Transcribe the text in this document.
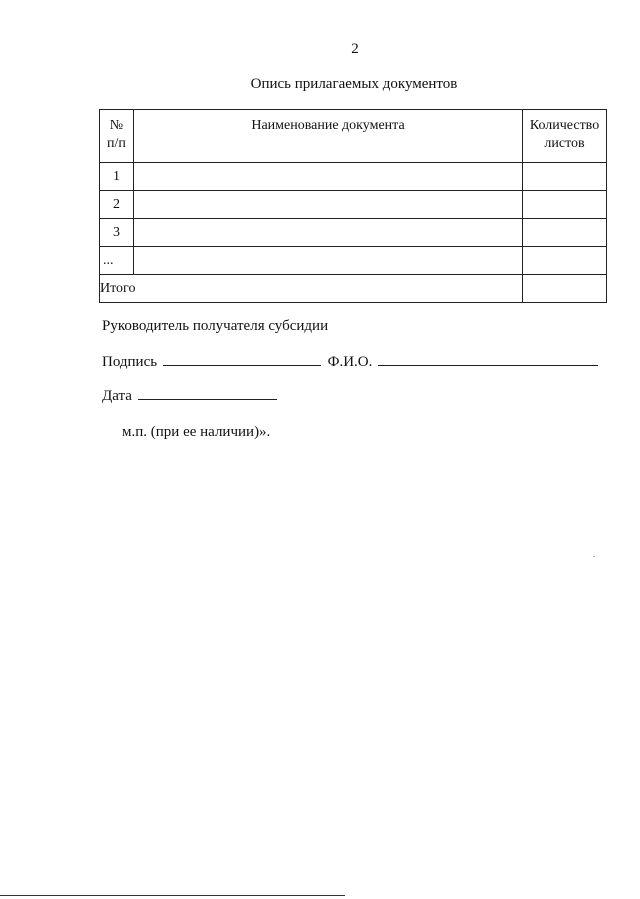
2
Опись прилагаемых документов
№ п/п	Наименование документа	Количество листов
1		
2		
3		
...		
Итого		
Руководитель получателя субсидии
Подпись	Ф.И.О.
Дата
м.п. (при ее наличии)».
